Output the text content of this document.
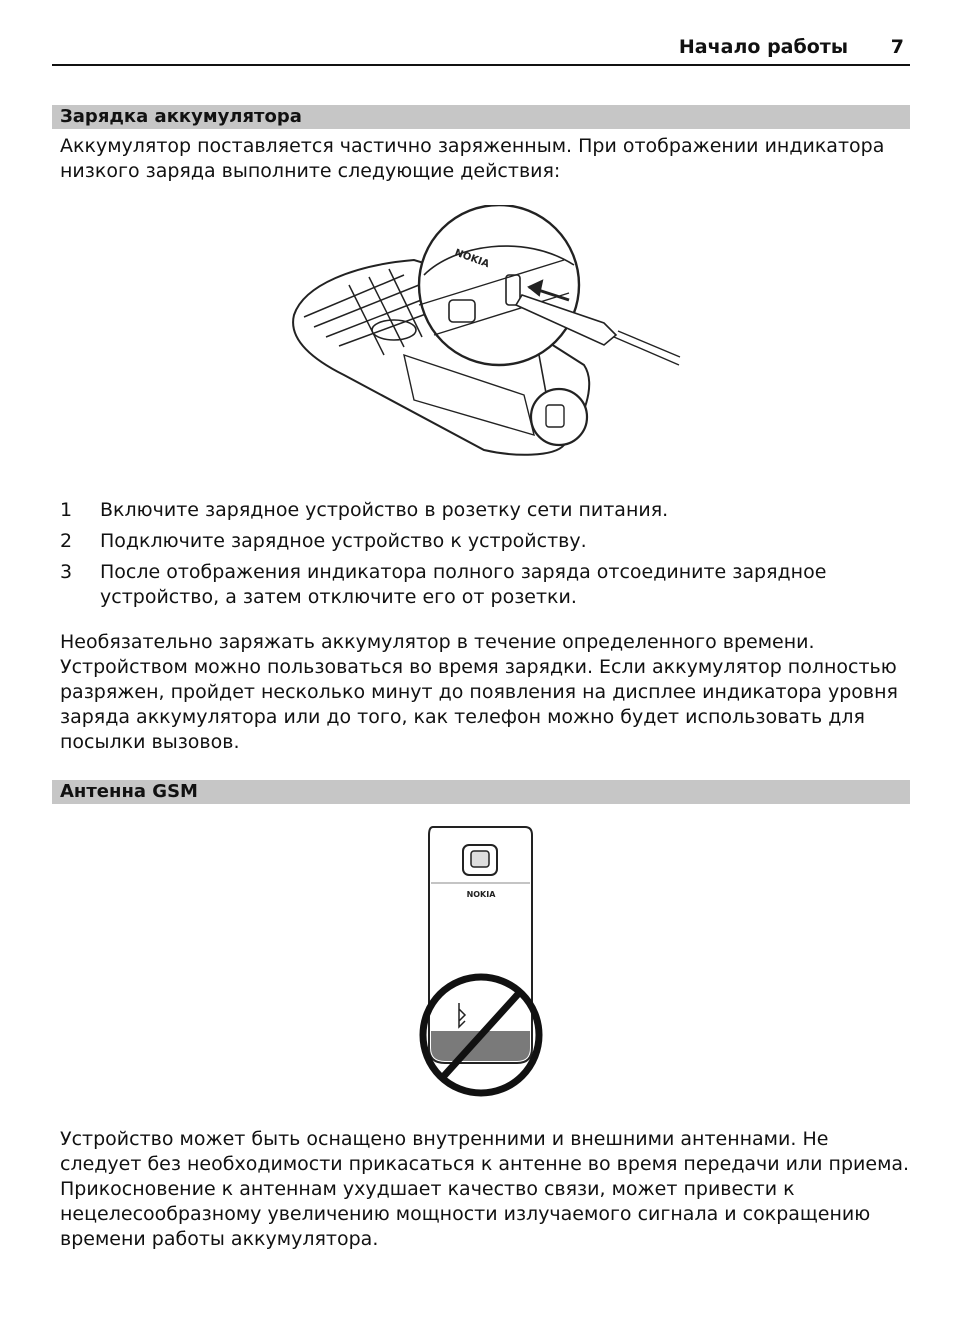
Начало работы 7
Зарядка аккумулятора

Аккумулятор поставляется частично заряженным. При отображении индикатора низкого заряда выполните следующие действия:

NOKIA
1 Включите зарядное устройство в розетку сети питания.
2 Подключите зарядное устройство к устройству.
3 После отображения индикатора полного заряда отсоедините зарядное устройство, а затем отключите его от розетки.

Необязательно заряжать аккумулятор в течение определенного времени. Устройством можно пользоваться во время зарядки. Если аккумулятор полностью разряжен, пройдет несколько минут до появления на дисплее индикатора уровня заряда аккумулятора или до того, как телефон можно будет использовать для посылки вызовов.

Антенна GSM
NOKIA

Устройство может быть оснащено внутренними и внешними антеннами. Не следует без необходимости прикасаться к антенне во время передачи или приема. Прикосновение к антеннам ухудшает качество связи, может привести к нецелесообразному увеличению мощности излучаемого сигнала и сокращению времени работы аккумулятора.
